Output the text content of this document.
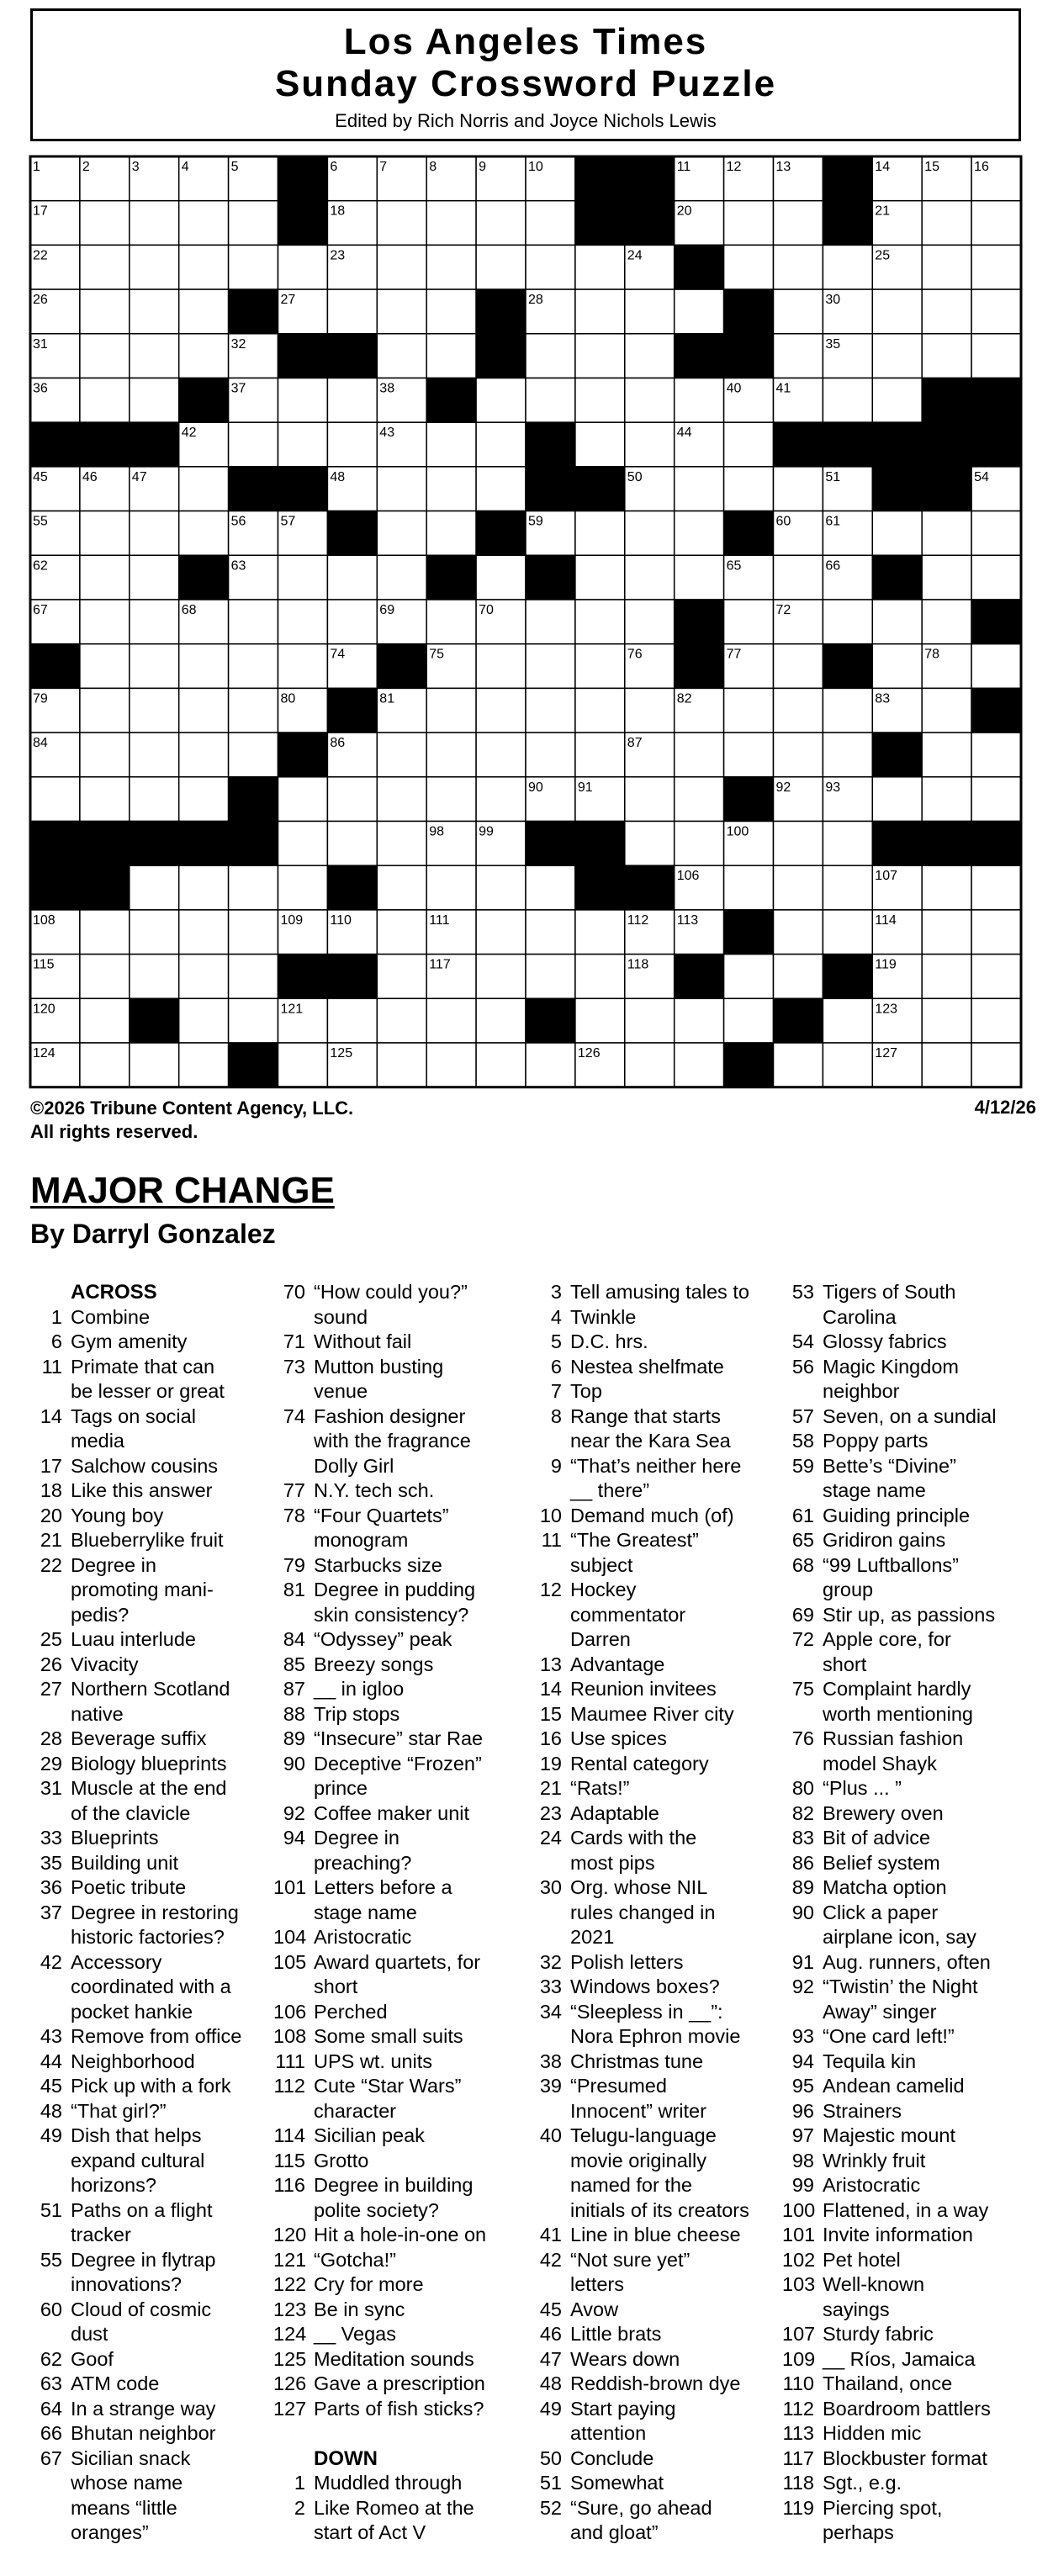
Los Angeles Times
Sunday Crossword Puzzle
Edited by Rich Norris and Joyce Nichols Lewis
1	2	3	4	5	6	7	8	9	10	11	12	13	14	15	16
17	18	20	21
22	23	24	25
26	27	28	30
31	32	35
36	37	38	40	41
42	43	44
45	46	47	48	50	51	54
55	56	57	59	60	61
62	63	65	66
67	68	69	70	72
74	75	76	77	78
79	80	81	82	83
84	86	87
90	91	92	93
98	99	100
106	107
108	109 110	111	112 113	114
115	117	118	119
120	121	123
124	125	126	127
©2026 Tribune Content Agency, LLC.
All rights reserved.
4/12/26
MAJOR CHANGE
By Darryl Gonzalez
ACROSS
1 Combine
6 Gym amenity
11 Primate that can
be lesser or great
14 Tags on social
media
17 Salchow cousins
18 Like this answer
20 Young boy
21 Blueberrylike fruit
22 Degree in
promoting mani-
pedis?
25 Luau interlude
26 Vivacity
27 Northern Scotland
native
28 Beverage suffix
29 Biology blueprints
31 Muscle at the end
of the clavicle
33 Blueprints
35 Building unit
36 Poetic tribute
37 Degree in restoring
historic factories?
42 Accessory
coordinated with a
pocket hankie
43 Remove from office
44 Neighborhood
45 Pick up with a fork
48 “That girl?”
49 Dish that helps
expand cultural
horizons?
51 Paths on a flight
tracker
55 Degree in flytrap
innovations?
60 Cloud of cosmic
dust
62 Goof
63 ATM code
64 In a strange way
66 Bhutan neighbor
67 Sicilian snack
whose name
means “little
oranges”
70 “How could you?”
sound
71 Without fail
73 Mutton busting
venue
74 Fashion designer
with the fragrance
Dolly Girl
77 N.Y. tech sch.
78 “Four Quartets”
monogram
79 Starbucks size
81 Degree in pudding
skin consistency?
84 “Odyssey” peak
85 Breezy songs
87 __ in igloo
88 Trip stops
89 “Insecure” star Rae
90 Deceptive “Frozen”
prince
92 Coffee maker unit
94 Degree in
preaching?
101 Letters before a
stage name
104 Aristocratic
105 Award quartets, for
short
106 Perched
108 Some small suits
111 UPS wt. units
112 Cute “Star Wars”
character
114 Sicilian peak
115 Grotto
116 Degree in building
polite society?
120 Hit a hole-in-one on
121 “Gotcha!”
122 Cry for more
123 Be in sync
124 __ Vegas
125 Meditation sounds
126 Gave a prescription
127 Parts of fish sticks?
DOWN
1 Muddled through
2 Like Romeo at the
start of Act V
3 Tell amusing tales to
4 Twinkle
5 D.C. hrs.
6 Nestea shelfmate
7 Top
8 Range that starts
near the Kara Sea
9 “That’s neither here
__ there”
10 Demand much (of)
11 “The Greatest”
subject
12 Hockey
commentator
Darren
13 Advantage
14 Reunion invitees
15 Maumee River city
16 Use spices
19 Rental category
21 “Rats!”
23 Adaptable
24 Cards with the
most pips
30 Org. whose NIL
rules changed in
2021
32 Polish letters
33 Windows boxes?
34 “Sleepless in __”:
Nora Ephron movie
38 Christmas tune
39 “Presumed
Innocent” writer
40 Telugu-language
movie originally
named for the
initials of its creators
41 Line in blue cheese
42 “Not sure yet”
letters
45 Avow
46 Little brats
47 Wears down
48 Reddish-brown dye
49 Start paying
attention
50 Conclude
51 Somewhat
52 “Sure, go ahead
and gloat”
53 Tigers of South
Carolina
54 Glossy fabrics
56 Magic Kingdom
neighbor
57 Seven, on a sundial
58 Poppy parts
59 Bette’s “Divine”
stage name
61 Guiding principle
65 Gridiron gains
68 “99 Luftballons”
group
69 Stir up, as passions
72 Apple core, for
short
75 Complaint hardly
worth mentioning
76 Russian fashion
model Shayk
80 “Plus ... ”
82 Brewery oven
83 Bit of advice
86 Belief system
89 Matcha option
90 Click a paper
airplane icon, say
91 Aug. runners, often
92 “Twistin’ the Night
Away” singer
93 “One card left!”
94 Tequila kin
95 Andean camelid
96 Strainers
97 Majestic mount
98 Wrinkly fruit
99 Aristocratic
100 Flattened, in a way
101 Invite information
102 Pet hotel
103 Well-known
sayings
107 Sturdy fabric
109 __ Ríos, Jamaica
110 Thailand, once
112 Boardroom battlers
113 Hidden mic
117 Blockbuster format
118 Sgt., e.g.
119 Piercing spot,
perhaps
